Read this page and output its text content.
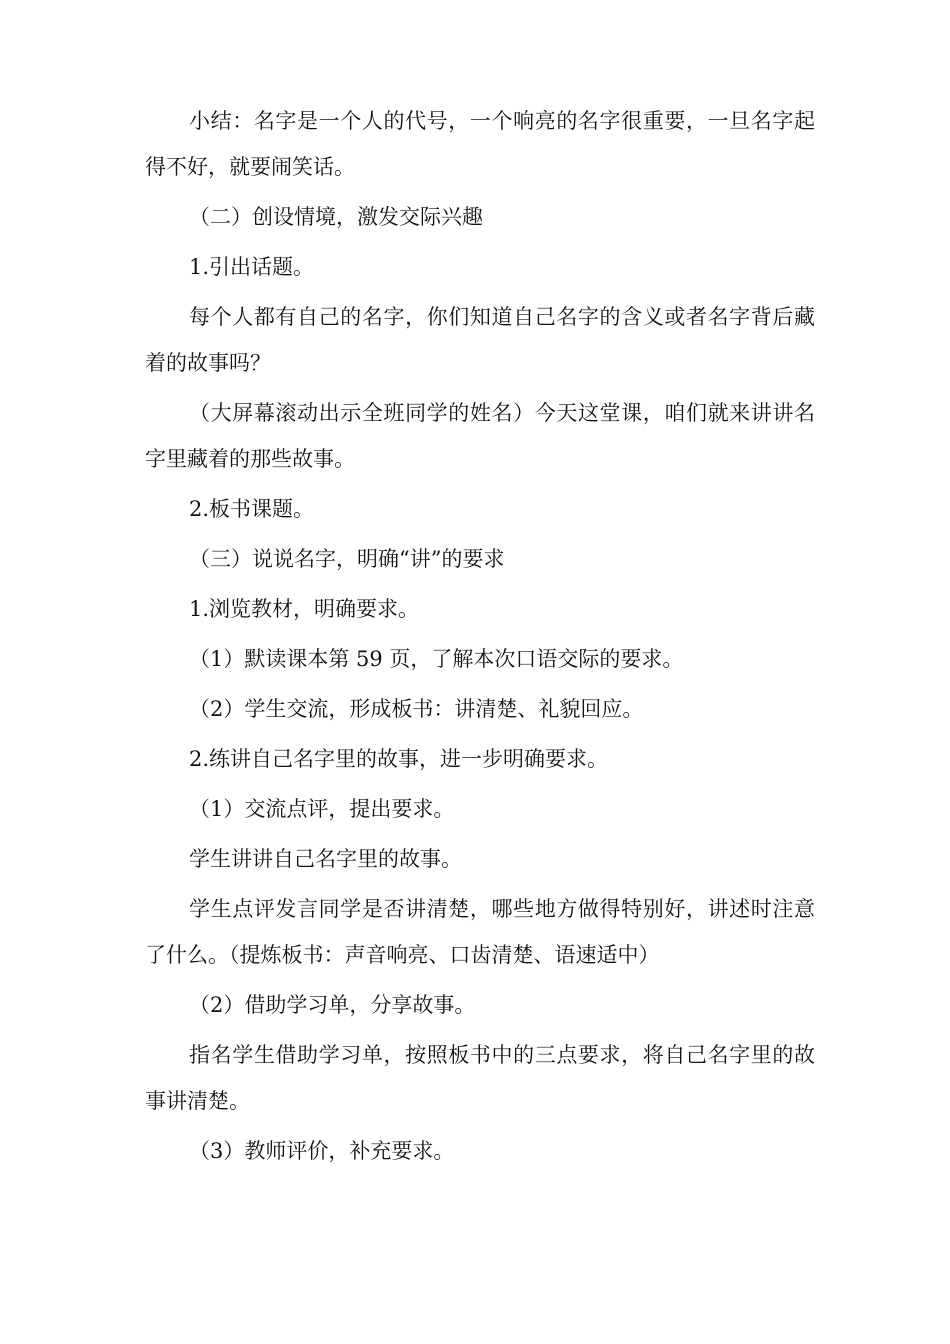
小结：名字是一个人的代号，一个响亮的名字很重要，一旦名字起得不好，就要闹笑话。

（二）创设情境，激发交际兴趣

1.引出话题。

每个人都有自己的名字，你们知道自己名字的含义或者名字背后藏着的故事吗？

（大屏幕滚动出示全班同学的姓名）今天这堂课，咱们就来讲讲名字里藏着的那些故事。

2.板书课题。

（三）说说名字，明确“讲”的要求

1.浏览教材，明确要求。

（1）默读课本第 59 页，了解本次口语交际的要求。

（2）学生交流，形成板书：讲清楚、礼貌回应。

2.练讲自己名字里的故事，进一步明确要求。

（1）交流点评，提出要求。

学生讲讲自己名字里的故事。

学生点评发言同学是否讲清楚，哪些地方做得特别好，讲述时注意了什么。（提炼板书：声音响亮、口齿清楚、语速适中）

（2）借助学习单，分享故事。

指名学生借助学习单，按照板书中的三点要求，将自己名字里的故事讲清楚。

（3）教师评价，补充要求。
